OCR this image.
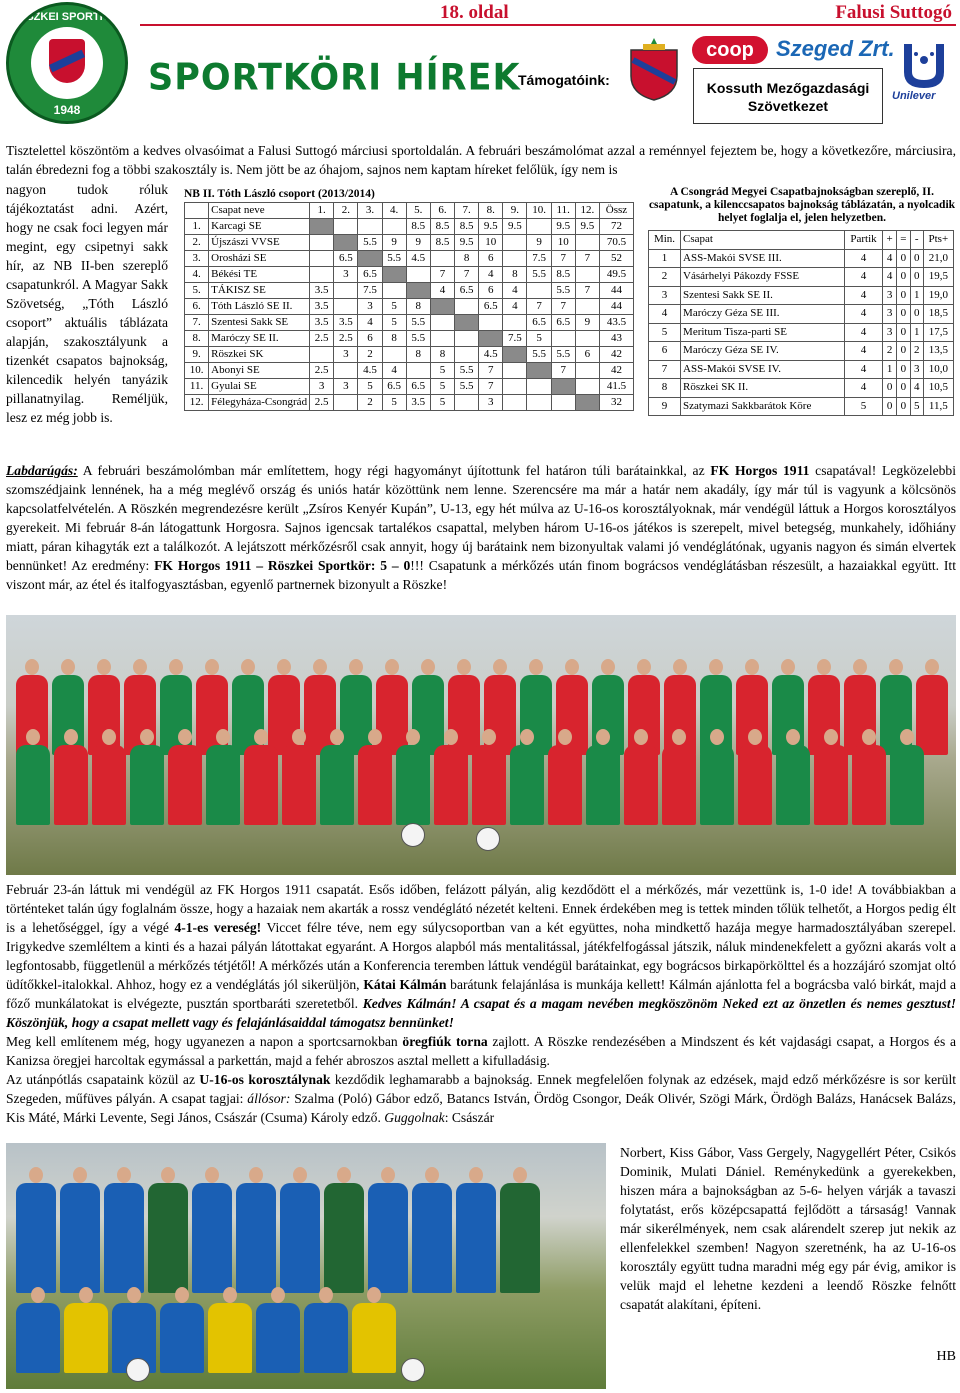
RÖSZKEI SPORTKÖR
1948
18. oldal	Falusi Suttogó
SPORTKÖRI HÍREK
Támogatóink:
coop	Szeged Zrt.
Kossuth Mezőgazdasági Szövetkezet
Unilever
Tisztelettel köszöntöm a kedves olvasóimat a Falusi Suttogó márciusi sportoldalán. A februári beszámolómat azzal a reménnyel fejeztem be, hogy a következőre, márciusira, talán ébredezni fog a többi szakosztály is. Nem jött be az óhajom, sajnos nem kaptam híreket felőlük, így nem is
nagyon tudok róluk tájékoztatást adni. Azért, hogy ne csak foci legyen már megint, egy csipetnyi sakk hír, az NB II-ben szereplő csapatunkról. A Magyar Sakk Szövetség, „Tóth László csoport” aktuális táblázata alapján, szakosztályunk a tizenkét csapatos bajnokság, kilencedik helyén tanyázik pillanatnyilag. Reméljük, lesz ez még jobb is.
NB II. Tóth László csoport (2013/2014)
	Csapat neve	1.	2.	3.	4.	5.	6.	7.	8.	9.	10.	11.	12.	Össz
1.	Karcagi SE					8.5	8.5	8.5	9.5	9.5		9.5	9.5	72
2.	Újszászi VVSE			5.5	9	9	8.5	9.5	10		9	10		70.5
3.	Orosházi SE		6.5		5.5	4.5		8	6		7.5	7	7	52
4.	Békési TE		3	6.5			7	7	4	8	5.5	8.5		49.5
5.	TÁKISZ SE	3.5		7.5			4	6.5	6	4		5.5	7	44
6.	Tóth László SE II.	3.5		3	5	8			6.5	4	7	7		44
7.	Szentesi Sakk SE	3.5	3.5	4	5	5.5					6.5	6.5	9	43.5
8.	Maróczy SE II.	2.5	2.5	6	8	5.5				7.5	5			43
9.	Röszkei SK		3	2		8	8		4.5		5.5	5.5	6	42
10.	Abonyi SE	2.5		4.5	4		5	5.5	7			7		42
11.	Gyulai SE	3	3	5	6.5	6.5	5	5.5	7					41.5
12.	Félegyháza-Csongrád	2.5		2	5	3.5	5		3					32
A Csongrád Megyei Csapatbajnokságban szereplő, II. csapatunk, a kilenccsapatos bajnokság táblázatán, a nyolcadik helyet foglalja el, jelen helyzetben.
Min.	Csapat	Partik	+	=	-	Pts+
1	ASS-Makói SVSE III.	4	4	0	0	21,0
2	Vásárhelyi Pákozdy FSSE	4	4	0	0	19,5
3	Szentesi Sakk SE II.	4	3	0	1	19,0
4	Maróczy Géza SE III.	4	3	0	0	18,5
5	Meritum Tisza-parti SE	4	3	0	1	17,5
6	Maróczy Géza SE IV.	4	2	0	2	13,5
7	ASS-Makói SVSE IV.	4	1	0	3	10,0
8	Röszkei SK II.	4	0	0	4	10,5
9	Szatymazi Sakkbarátok Köre	5	0	0	5	11,5
Labdarúgás: A februári beszámolómban már említettem, hogy régi hagyományt újítottunk fel határon túli barátainkkal, az FK Horgos 1911 csapatával! Legközelebbi szomszédjaink lennének, ha a még meglévő ország és uniós határ közöttünk nem lenne. Szerencsére ma már a határ nem akadály, így már túl is vagyunk a kölcsönös kapcsolatfelvételén. A Röszkén megrendezésre került „Zsíros Kenyér Kupán”, U-13, egy hét múlva az U-16-os korosztályoknak, már vendégül láttuk a Horgos korosztályos gyerekeit. Mi február 8-án látogattunk Horgosra. Sajnos igencsak tartalékos csapattal, melyben három U-16-os játékos is szerepelt, mivel betegség, munkahely, időhiány miatt, páran kihagyták ezt a találkozót. A lejátszott mérkőzésről csak annyit, hogy új barátaink nem bizonyultak valami jó vendéglátónak, ugyanis nagyon és simán elvertek bennünket! Az eredmény: FK Horgos 1911 – Röszkei Sportkör: 5 – 0!!! Csapatunk a mérkőzés után finom bográcsos vendéglátásban részesült, a hazaiakkal együtt. Itt viszont már, az étel és italfogyasztásban, egyenlő partnernek bizonyult a Röszke!
Február 23-án láttuk mi vendégül az FK Horgos 1911 csapatát. Esős időben, felázott pályán, alig kezdődött el a mérkőzés, már vezettünk is, 1-0 ide! A továbbiakban a történteket talán úgy foglalnám össze, hogy a hazaiak nem akarták a rossz vendéglátó nézetét kelteni. Ennek érdekében meg is tettek minden tőlük telhetőt, a Horgos pedig élt is a lehetőséggel, így a végé 4-1-es vereség! Viccet félre téve, nem egy súlycsoportban van a két együttes, noha mindkettő hazája megye harmadosztályában szerepel. Irigykedve szemléltem a kinti és a hazai pályán látottakat egyaránt. A Horgos alapból más mentalitással, játékfelfogással játszik, náluk mindenekfelett a győzni akarás volt a legfontosabb, függetlenül a mérkőzés tétjétől! A mérkőzés után a Konferencia teremben láttuk vendégül barátainkat, egy bográcsos birkapörkölttel és a hozzájáró szomjat oltó üdítőkkel-italokkal. Ahhoz, hogy ez a vendéglátás jól sikerüljön, Kátai Kálmán barátunk felajánlása is munkája kellett! Kálmán ajánlotta fel a bográcsba való birkát, majd a főző munkálatokat is elvégezte, pusztán sportbaráti szeretetből. Kedves Kálmán! A csapat és a magam nevében megköszönöm Neked ezt az önzetlen és nemes gesztust! Köszönjük, hogy a csapat mellett vagy és felajánlásaiddal támogatsz bennünket!
Meg kell említenem még, hogy ugyanezen a napon a sportcsarnokban öregfiúk torna zajlott. A Röszke rendezésében a Mindszent és két vajdasági csapat, a Horgos és a Kanizsa öregjei harcoltak egymással a parkettán, majd a fehér abroszos asztal mellett a kifulladásig.
Az utánpótlás csapataink közül az U-16-os korosztálynak kezdődik leghamarabb a bajnokság. Ennek megfelelően folynak az edzések, majd edző mérkőzésre is sor került Szegeden, műfüves pályán. A csapat tagjai: állósor: Szalma (Poló) Gábor edző, Batancs István, Ördög Csongor, Deák Olivér, Szögi Márk, Ördögh Balázs, Hanácsek Balázs, Kis Máté, Márki Levente, Segi János, Császár (Csuma) Károly edző. Guggolnak: Császár
Norbert, Kiss Gábor, Vass Gergely, Nagygellért Péter, Csikós Dominik, Mulati Dániel. Reménykedünk a gyerekekben, hiszen mára a bajnokságban az 5-6- helyen várják a tavaszi folytatást, erős középcsapattá fejlődött a társaság! Vannak már sikerélmények, nem csak alárendelt szerep jut nekik az ellenfelekkel szemben! Nagyon szeretnénk, ha az U-16-os korosztály együtt tudna maradni még egy pár évig, amikor is velük majd el lehetne kezdeni a leendő Röszke felnőtt csapatát alakítani, építeni.
HB
